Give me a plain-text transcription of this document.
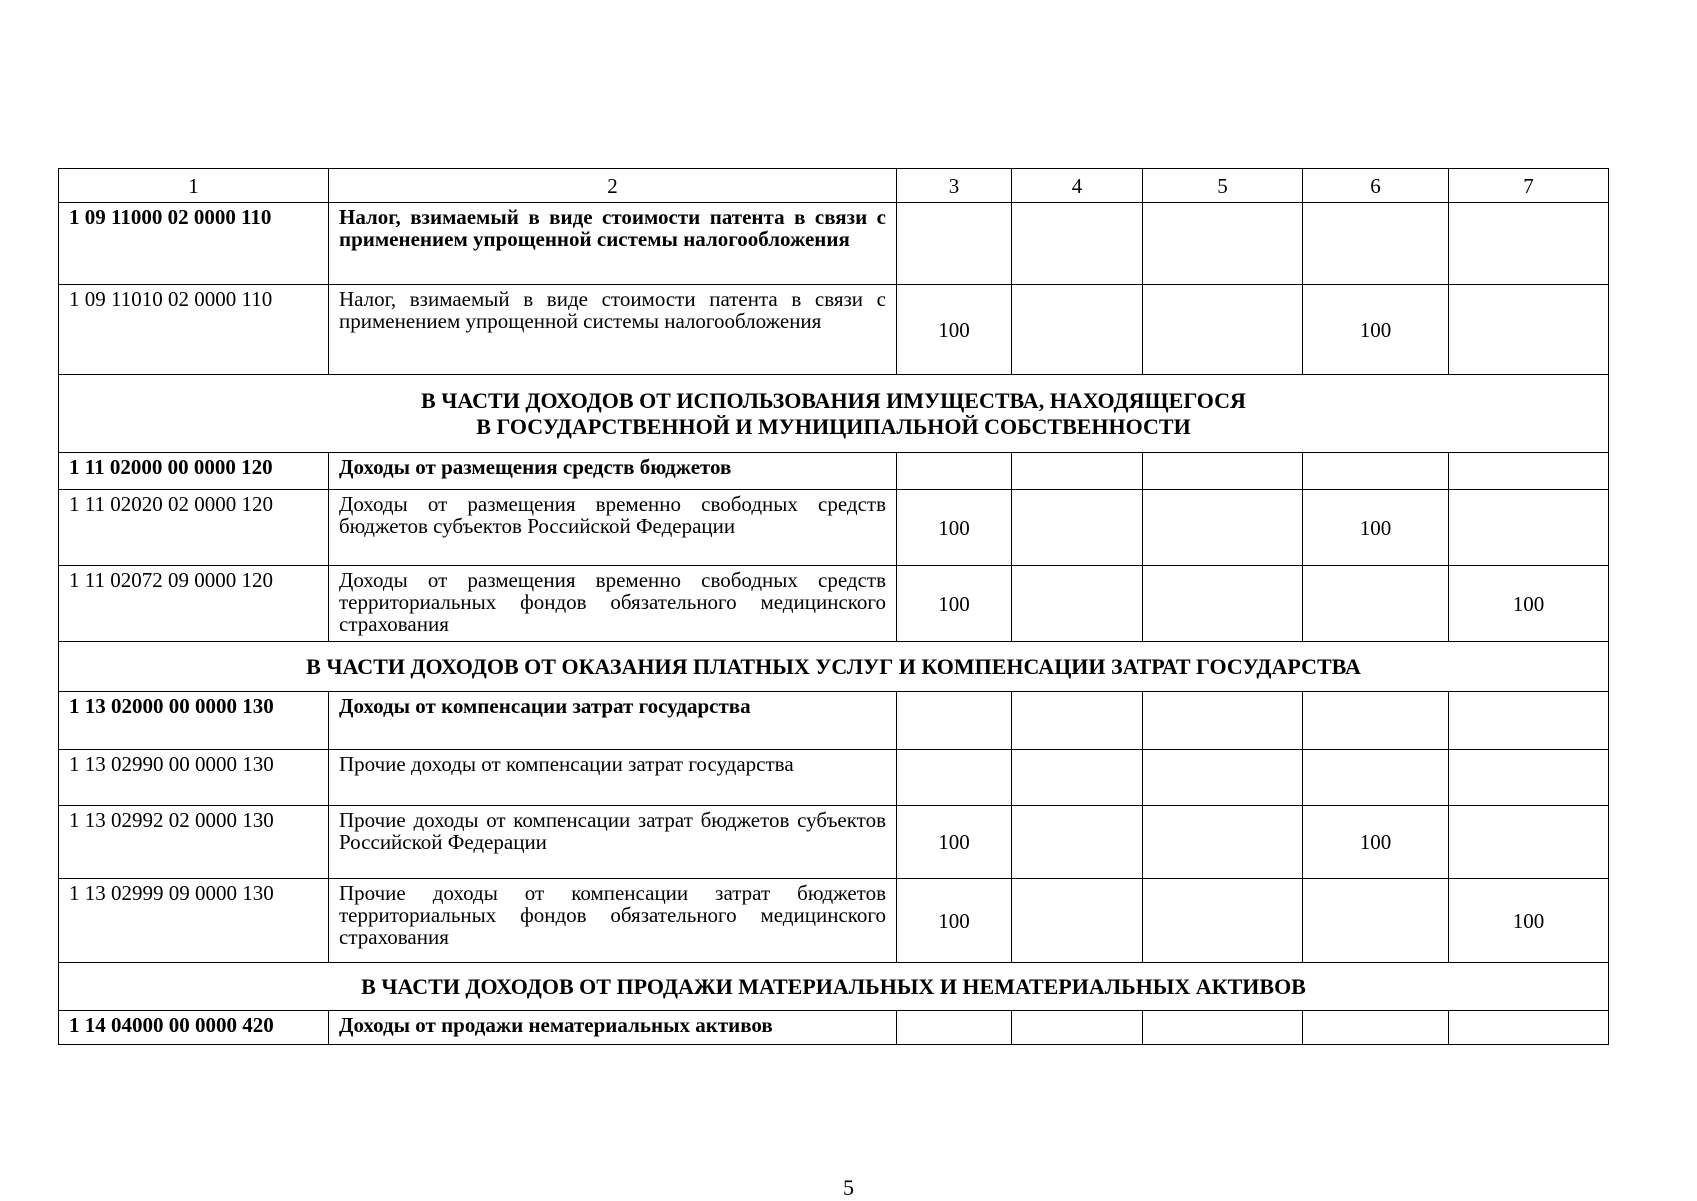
1	2	3	4	5	6	7
1 09 11000 02 0000 110	Налог, взимаемый в виде стоимости патента в связи с применением упрощенной системы налогообложения					
1 09 11010 02 0000 110	Налог, взимаемый в виде стоимости патента в связи с применением упрощенной системы налогообложения	100			100	

В ЧАСТИ ДОХОДОВ ОТ ИСПОЛЬЗОВАНИЯ ИМУЩЕСТВА, НАХОДЯЩЕГОСЯ
В ГОСУДАРСТВЕННОЙ И МУНИЦИПАЛЬНОЙ СОБСТВЕННОСТИ						

1 11 02000 00 0000 120	Доходы от размещения средств бюджетов					
1 11 02020 02 0000 120	Доходы от размещения временно свободных средств бюджетов субъектов Российской Федерации	100			100	
1 11 02072 09 0000 120	Доходы от размещения временно свободных средств территориальных фондов обязательного медицинского страхования	100				100
В ЧАСТИ ДОХОДОВ ОТ ОКАЗАНИЯ ПЛАТНЫХ УСЛУГ И КОМПЕНСАЦИИ ЗАТРАТ ГОСУДАРСТВА						
1 13 02000 00 0000 130	Доходы от компенсации затрат государства					
1 13 02990 00 0000 130	Прочие доходы от компенсации затрат государства					
1 13 02992 02 0000 130	Прочие доходы от компенсации затрат бюджетов субъектов Российской Федерации	100			100	
1 13 02999 09 0000 130	Прочие доходы от компенсации затрат бюджетов территориальных фондов обязательного медицинского страхования	100				100
В ЧАСТИ ДОХОДОВ ОТ ПРОДАЖИ МАТЕРИАЛЬНЫХ И НЕМАТЕРИАЛЬНЫХ АКТИВОВ						
1 14 04000 00 0000 420	Доходы от продажи нематериальных активов					
5
